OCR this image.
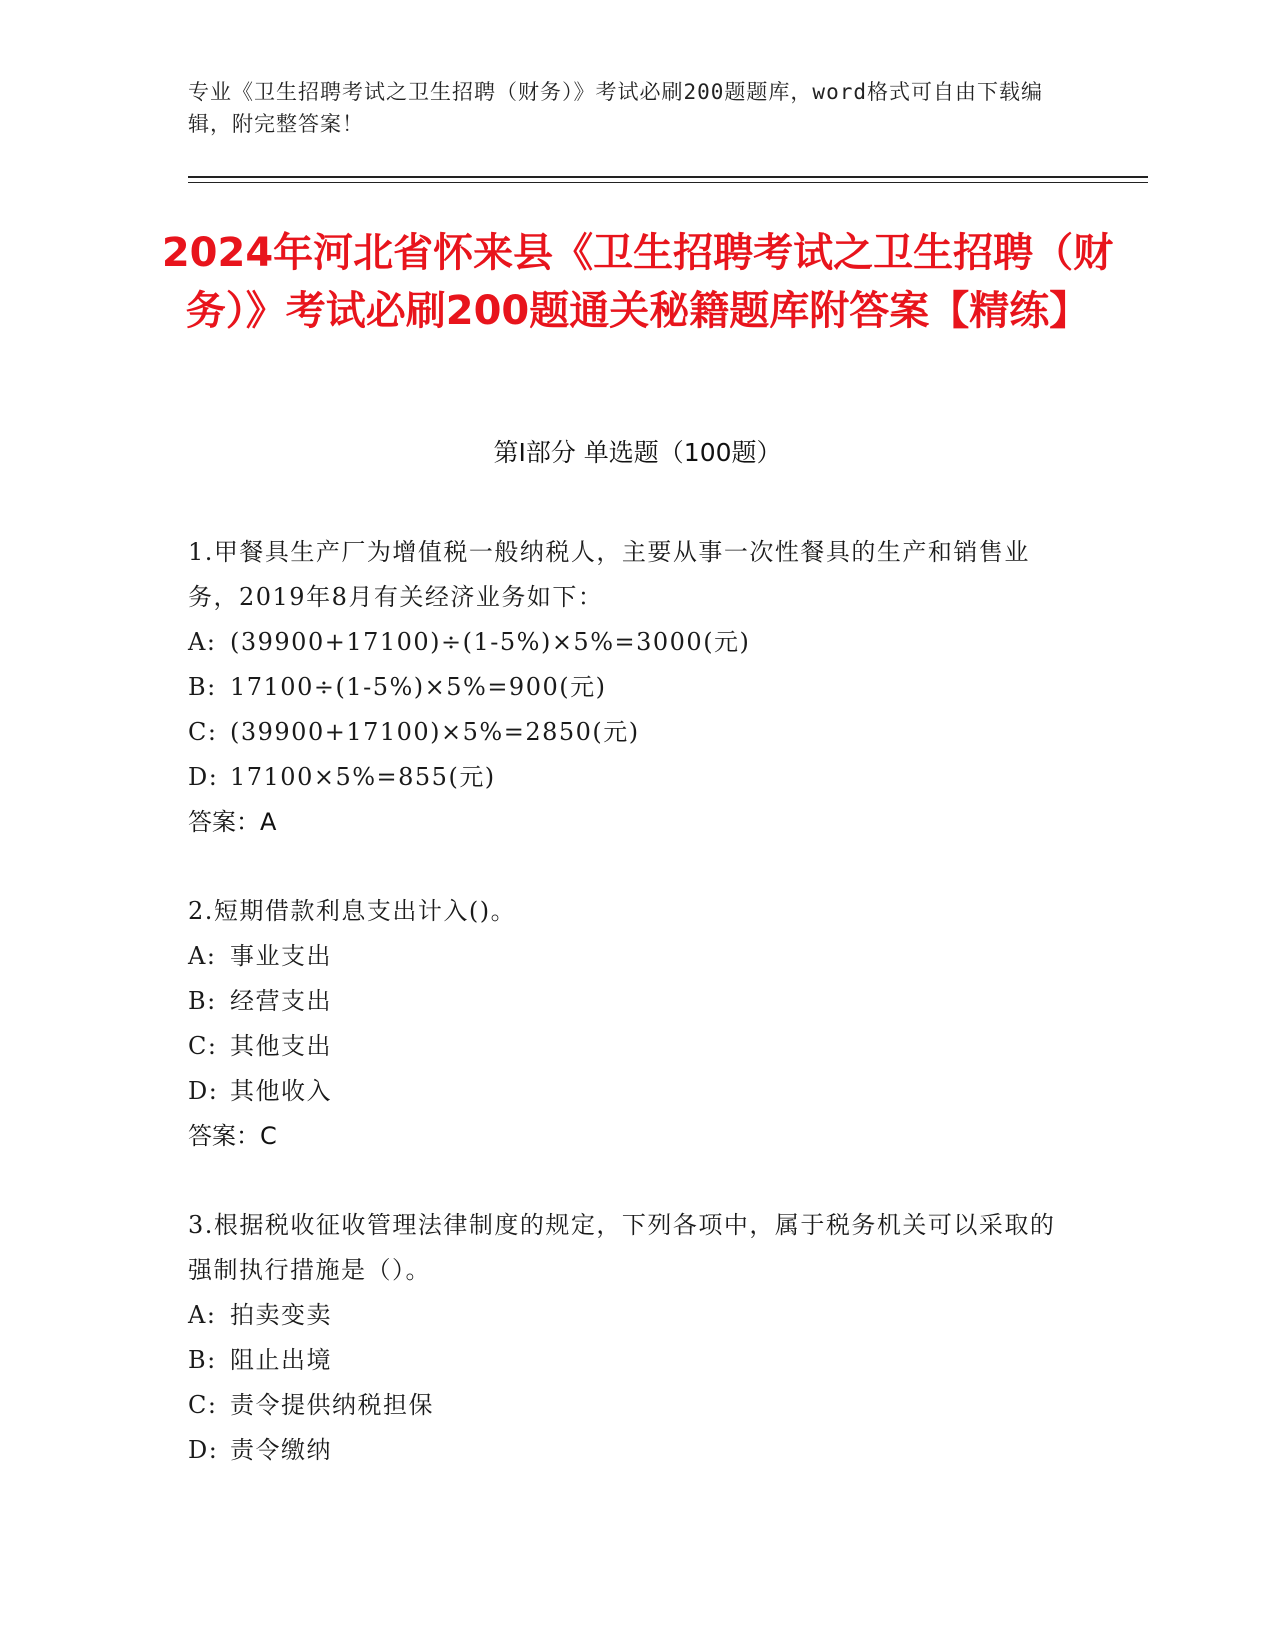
专业《卫生招聘考试之卫生招聘（财务）》考试必刷200题题库，word格式可自由下载编辑，附完整答案！
2024年河北省怀来县《卫生招聘考试之卫生招聘（财务）》考试必刷200题通关秘籍题库附答案【精练】
第Ⅰ部分 单选题（100题）
1.甲餐具生产厂为增值税一般纳税人，主要从事一次性餐具的生产和销售业务，2019年8月有关经济业务如下：
A: (39900+17100)÷(1-5%)×5%=3000(元)
B: 17100÷(1-5%)×5%=900(元)
C: (39900+17100)×5%=2850(元)
D: 17100×5%=855(元)
答案：A
2.短期借款利息支出计入()。
A: 事业支出
B: 经营支出
C: 其他支出
D: 其他收入
答案：C
3.根据税收征收管理法律制度的规定，下列各项中，属于税务机关可以采取的强制执行措施是（）。
A: 拍卖变卖
B: 阻止出境
C: 责令提供纳税担保
D: 责令缴纳
